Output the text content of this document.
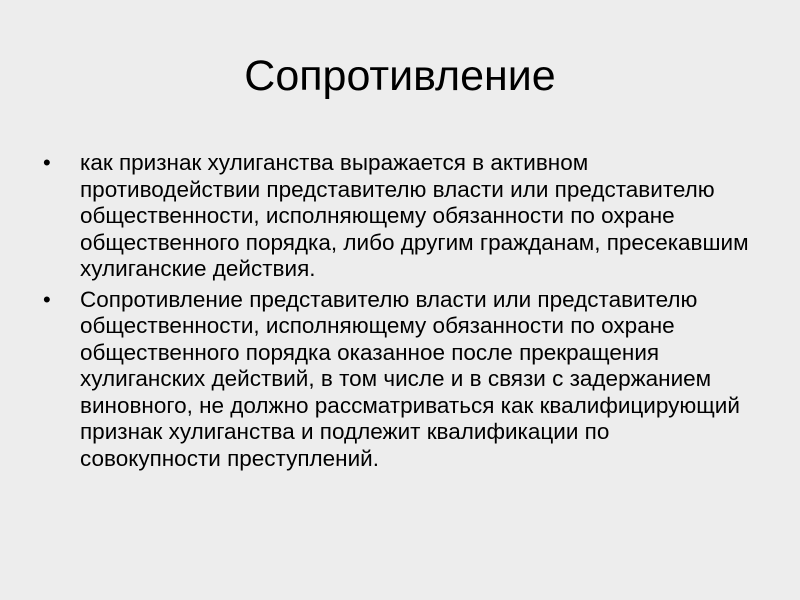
Сопротивление
• как признак хулиганства выражается в активном противодействии представителю власти или представителю общественности, исполняющему обязанности по охране общественного порядка, либо другим гражданам, пресекавшим хулиганские действия.
• Сопротивление представителю власти или представителю общественности, исполняющему обязанности по охране общественного порядка оказанное после прекращения хулиганских действий, в том числе и в связи с задержанием виновного, не должно рассматриваться как квалифицирующий признак хулиганства и подлежит квалификации по совокупности преступлений.
